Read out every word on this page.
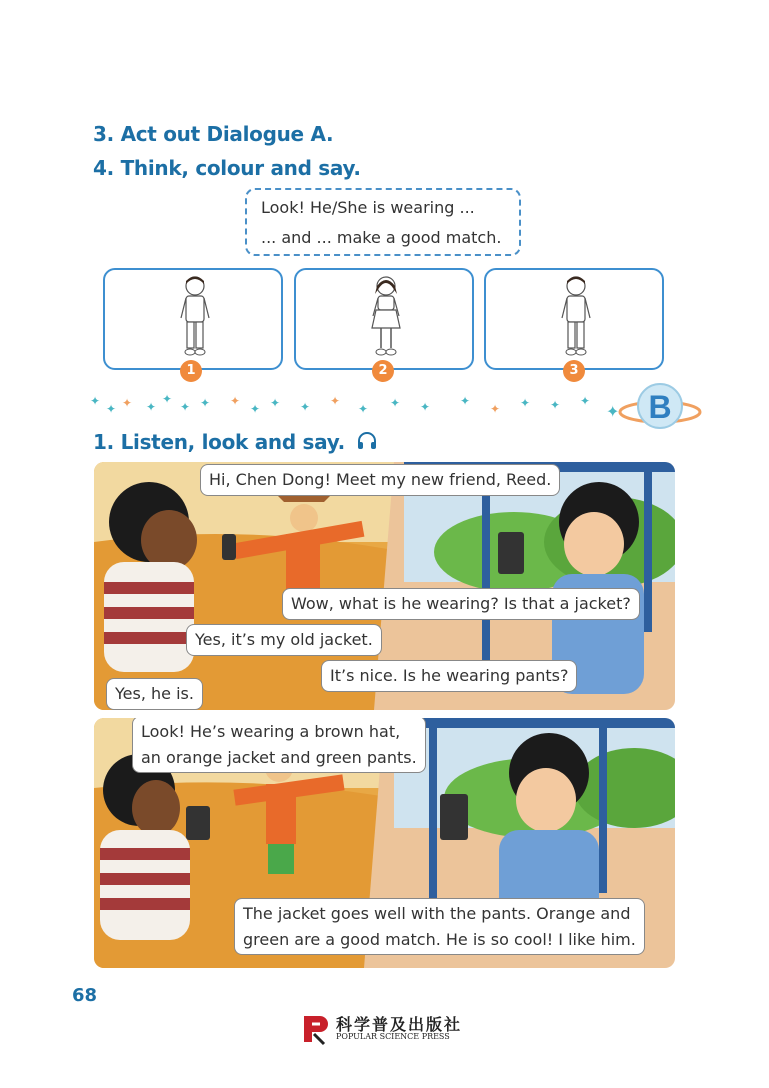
3. Act out Dialogue A.
4. Think, colour and say.
Look! He/She is wearing ...
... and ... make a good match.
1	2	3
✦
✦ ✦ ✦
✦
✦ ✦ ✦
✦ ✦ ✦ ✦
✦ ✦ ✦ ✦
✦ ✦ ✦ ✦
✦ B
1. Listen, look and say.
Hi, Chen Dong! Meet my new friend, Reed.
Wow, what is he wearing? Is that a jacket?
Yes, it’s my old jacket.
It’s nice. Is he wearing pants?
Yes, he is.
Look! He’s wearing a brown hat,
an orange jacket and green pants.
The jacket goes well with the pants. Orange and
green are a good match. He is so cool! I like him.
68
科学普及出版社
POPULAR SCIENCE PRESS
